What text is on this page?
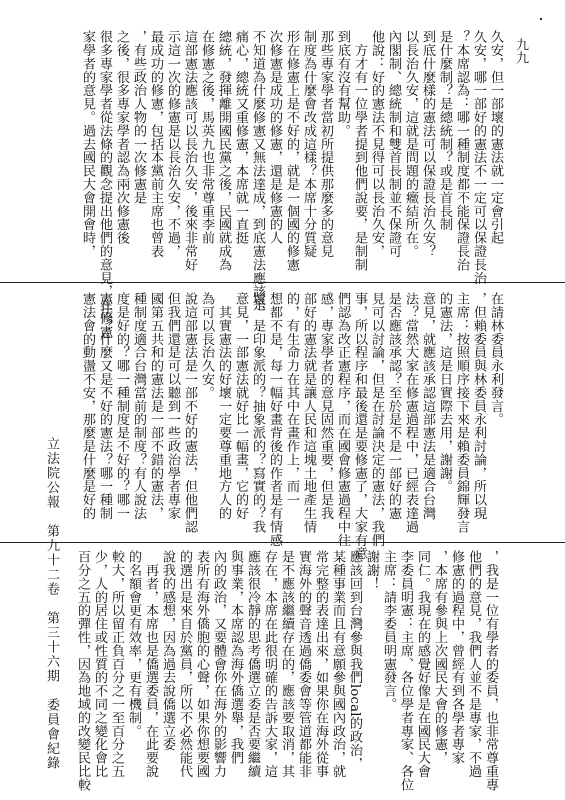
立法院公報　第九十二卷　第三十六期　委員會紀錄
九九
百分之五的彈性，因為地域的改變民比較 少，人的居住或性質的不同之變化會比 較大，所以留正負百分之一至百分之五 的名額會更有效率，更有機制。 　再者，本席也是僑選委員，在此要說 說我的感想，因為過去說僑選立委 的選出是來自於黨員，所以不必然能代 表所有海外僑胞的心聲，如果你想要國 內的政治，又要體會你在海外的影響力 與事業，本席認為海外僑選舉，我們 應該很冷靜的思考僑選立委是否要繼續 存在，本席在此很明確的告訴大家，這 是不應該繼續存在的，應該要取消，其 實海外的聲音透過僑委會等管道都能非 常完整的表達出來，如果你在海外從事 某種事業而且有意願參與國內政治，就 應該回到台灣參與我們local的政治， 謝謝！ 主席：請李委員明憲發言。 李委員明憲：主席、各位學者專家、各位 同仁。我現在的感覺好像是在國民大會 ，本席有參與上次國民大會的修憲， 修憲的過程中，曾經有到各學者專家 他們的意見，我們人並不是專家，不過 ，我是一位有學者的委員，也非常尊重專
家學者的意見。過去國民大會開會時， 很多專家學者從法條的觀念提出他們的意見，在修憲 之後，很多專家學者認為兩次修憲後 ，有些政治人物的一次修憲是 最成功的修憲，包括本黨前主席也曾表 示這一次的修憲是以長治久安，不過， 這部憲法應該可以長治久安，後來非常好 在修憲之後，馬英九也非常尊重李前 總統，發揮離開國民黨之後，民國就成為 痛心，總統又重修憲，本席就一直挺 不知道為什麼修憲又無法達成，到底憲法應該是 次修憲是成功的修憲，還是修憲的人 形在修憲上是不好的，就是一個國的修憲 制度為什麼會改成這樣？本席十分質疑 那些專家學者當初所提供那麼多的意見 到底有沒有幫助。 　方才有一位學者提到他們說要，是制制 他說：好的憲法不見得可以長治久安， 內閣制、總統制和雙首長制並不保證可 以長治久安，這就是問題的癥結所在。 到底什麼樣的憲法可以保證長治久安？ 是什麼制？是總統制？或是首長制 ？本席認為：哪一種制度都不能保證長治 久安，哪一部好的憲法不一定可以保證長治 久安，但一部壞的憲法就一定會引起
憲法會的動盪不安，那麼是什麼是好的 憲法？什麼又是不好的憲法？哪一種制 度是好的？哪一種制度是不好的？哪一 種制度適合台灣當前的制度？有人說法 國第五共和的憲法是一部不錯的憲法， 但我們還是可以聽到一些政治學者專家 說這部憲法是一部不好的憲法，但他們認 為可以長治久安。 　其實憲法的好壞一定要尊重地方人的 意見，一部憲法就好比一幅畫，它的好 壞，是印象派的？抽象派的？寫實的？我 想都不是，每一幅好畫背後的作者是有情感 的，有生命力在其中在畫作上，而一 部好的憲法就是讓人民和這塊土地產生情 感，專家學者的意見固然重要，但是我 們認為改正憲程序，而在國會修憲過程中往 事，所以程序和最後還是要修憲了，大家有意 見可以討論，但是在討論決定的憲法，我們 是否應該承認？至於是不是一部好的憲 法？當然大家在修憲過程中，已經表達過 意見，就應該承認這部憲法是適合台灣 的憲法，這是日實際去用，謝謝。 主席：按照順序接下來是賴委員錦輝發言 ，但賴委員與林委員永利討論，所以現 在請林委員永利發言。
